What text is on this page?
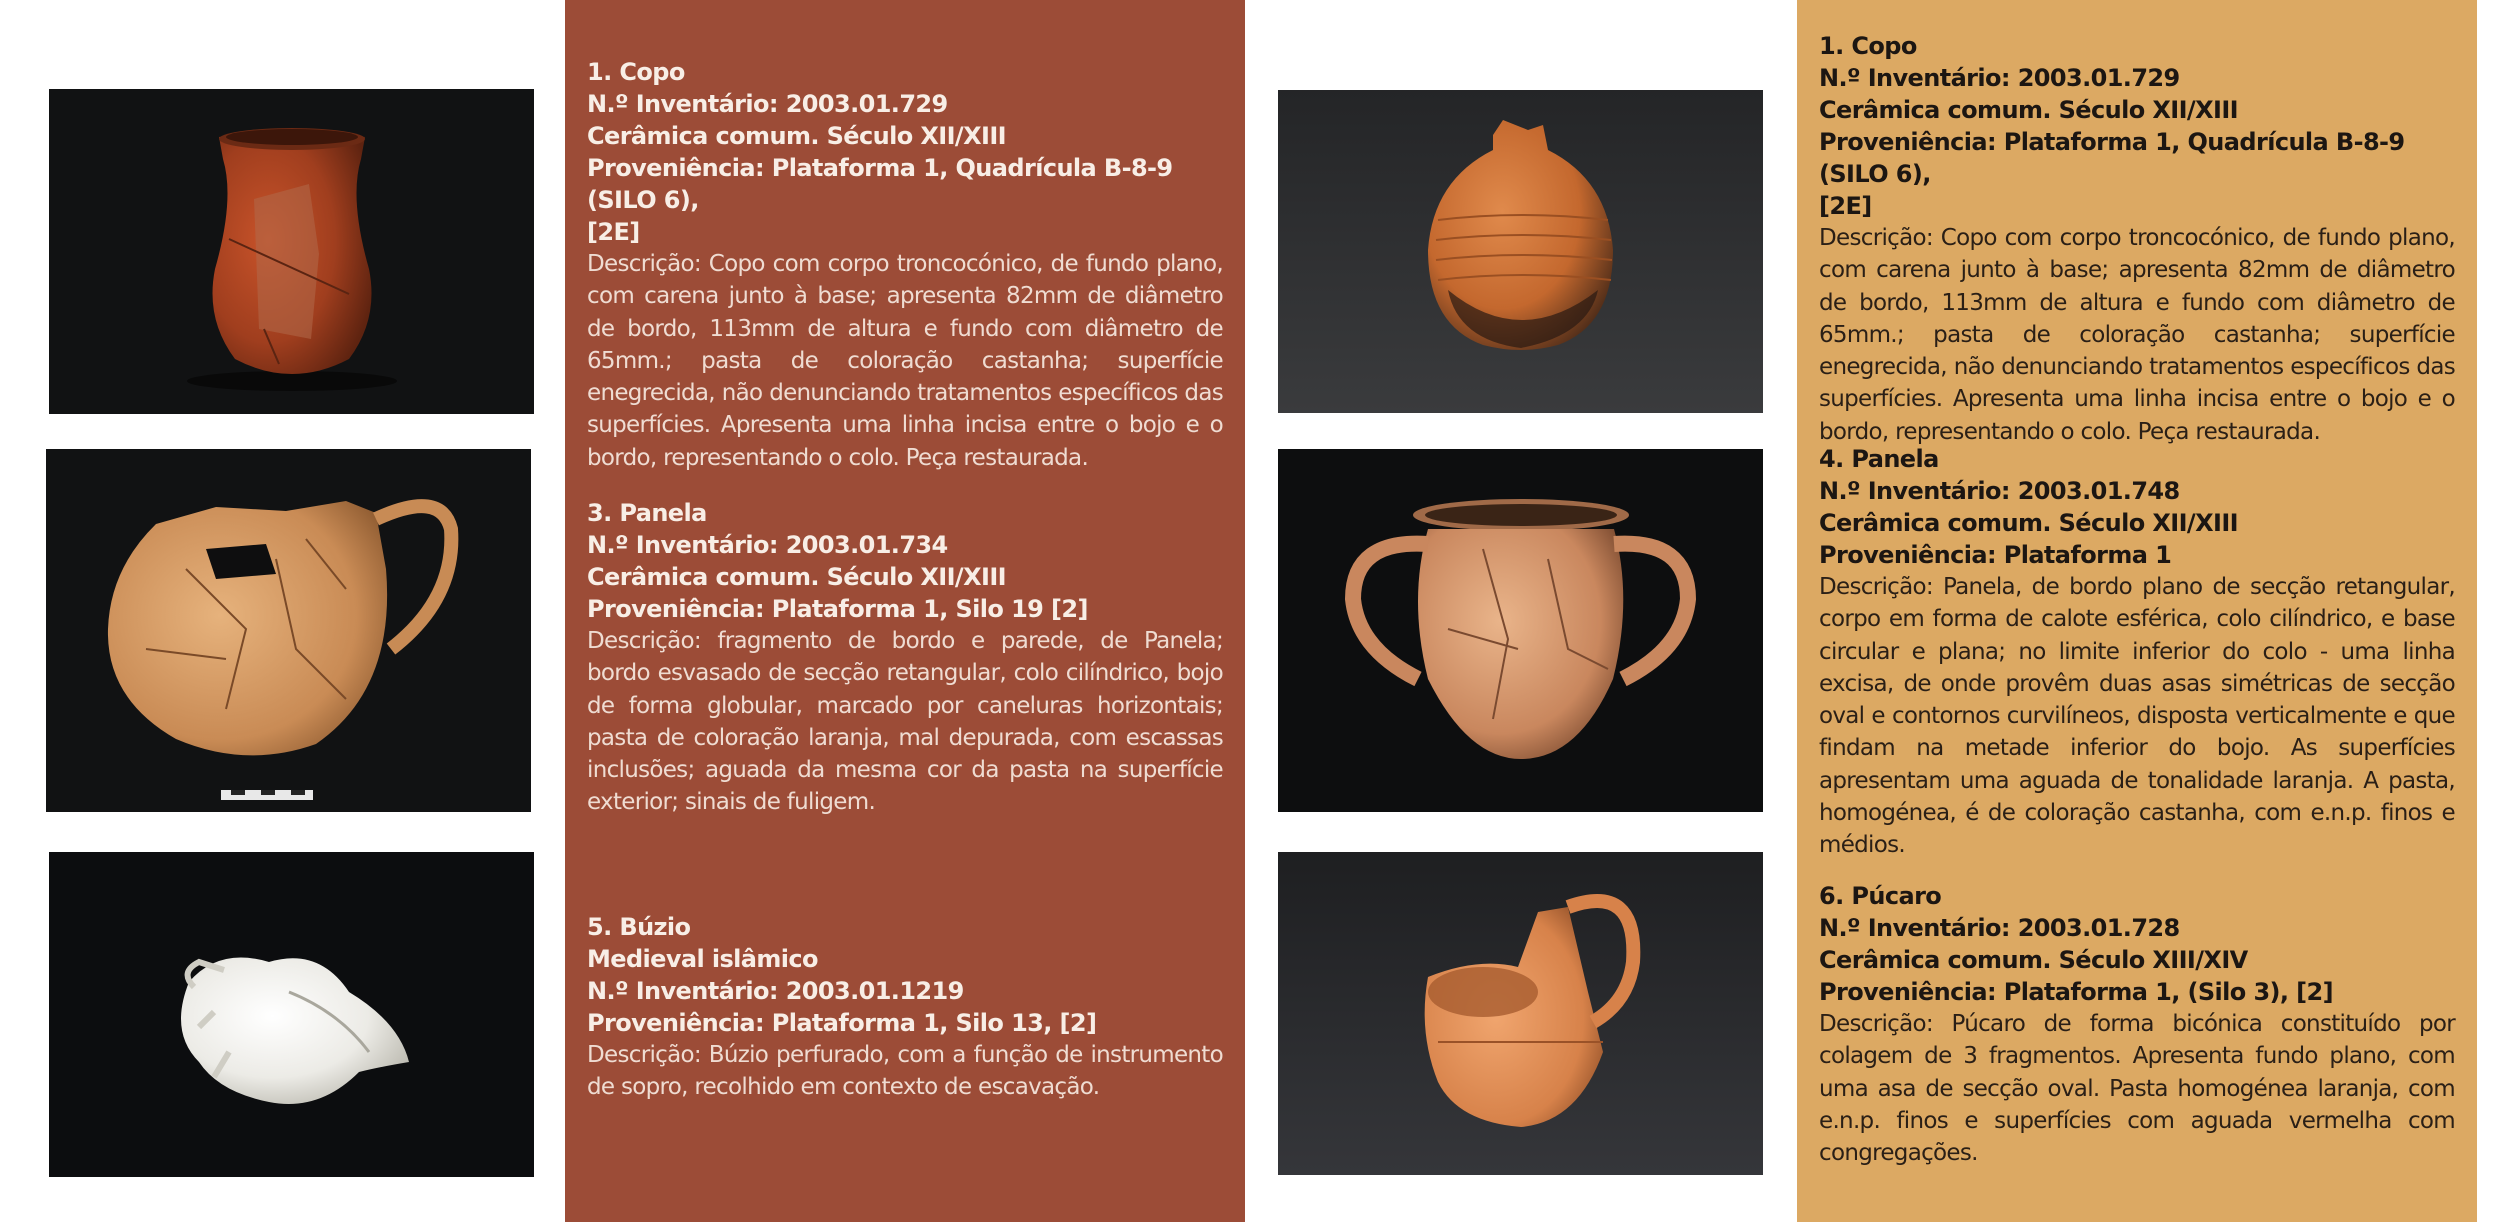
1. Copo

N.º Inventário: 2003.01.729

Cerâmica comum. Século XII/XIII

Proveniência: Plataforma 1, Quadrícula B-8-9 (SILO 6),

[2E]

Descrição: Copo com corpo troncocónico, de fundo plano, com carena junto à base; apresenta 82mm de diâmetro de bordo, 113mm de altura e fundo com diâmetro de 65mm.; pasta de coloração castanha; superfície enegrecida, não denunciando tratamentos específicos das superfícies. Apresenta uma linha incisa entre o bojo e o bordo, representando o colo. Peça restaurada.

3. Panela

N.º Inventário: 2003.01.734

Cerâmica comum. Século XII/XIII

Proveniência: Plataforma 1, Silo 19 [2]

Descrição: fragmento de bordo e parede, de Panela; bordo esvasado de secção retangular, colo cilíndrico, bojo de forma globular, marcado por caneluras horizontais; pasta de coloração laranja, mal depurada, com escassas inclusões; aguada da mesma cor da pasta na superfície exterior; sinais de fuligem.

5. Búzio

Medieval islâmico

N.º Inventário: 2003.01.1219

Proveniência: Plataforma 1, Silo 13, [2]

Descrição: Búzio perfurado, com a função de instrumento de sopro, recolhido em contexto de escavação.

1. Copo

N.º Inventário: 2003.01.729

Cerâmica comum. Século XII/XIII

Proveniência: Plataforma 1, Quadrícula B-8-9 (SILO 6),

[2E]

Descrição: Copo com corpo troncocónico, de fundo plano, com carena junto à base; apresenta 82mm de diâmetro de bordo, 113mm de altura e fundo com diâmetro de 65mm.; pasta de coloração castanha; superfície enegrecida, não denunciando tratamentos específicos das superfícies. Apresenta uma linha incisa entre o bojo e o bordo, representando o colo. Peça restaurada.

4. Panela

N.º Inventário: 2003.01.748

Cerâmica comum. Século XII/XIII

Proveniência: Plataforma 1

Descrição: Panela, de bordo plano de secção retangular, corpo em forma de calote esférica, colo cilíndrico, e base circular e plana; no limite inferior do colo - uma linha excisa, de onde provêm duas asas simétricas de secção oval e contornos curvilíneos, disposta verticalmente e que findam na metade inferior do bojo. As superfícies apresentam uma aguada de tonalidade laranja. A pasta, homogénea, é de coloração castanha, com e.n.p. finos e médios.

6. Púcaro

N.º Inventário: 2003.01.728

Cerâmica comum. Século XIII/XIV

Proveniência: Plataforma 1, (Silo 3), [2]

Descrição: Púcaro de forma bicónica constituído por colagem de 3 fragmentos. Apresenta fundo plano, com uma asa de secção oval. Pasta homogénea laranja, com e.n.p. finos e superfícies com aguada vermelha com congregações.
